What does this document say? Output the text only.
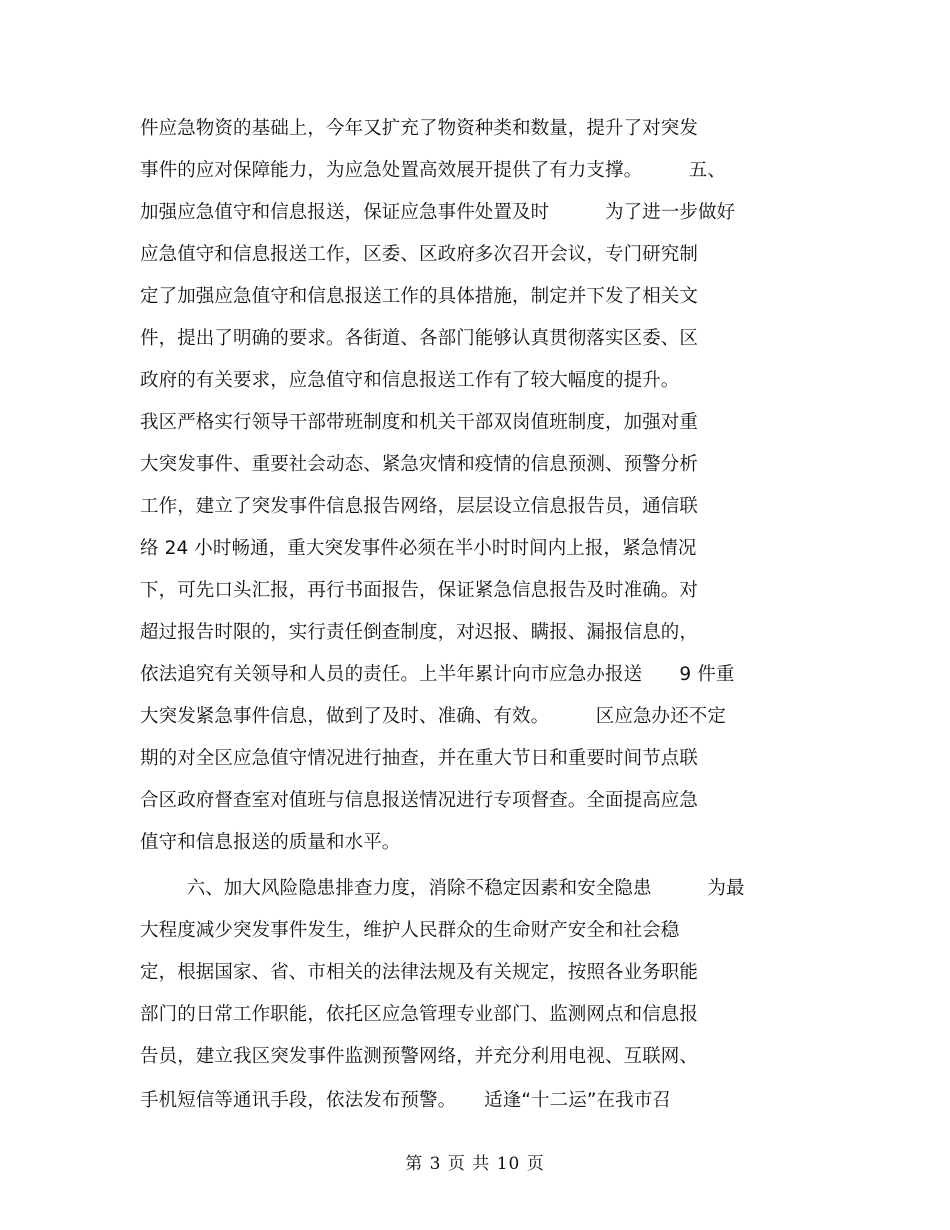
件应急物资的基础上，今年又扩充了物资种类和数量，提升了对突发
事件的应对保障能力，为应急处置高效展开提供了有力支撑。　　　五、
加强应急值守和信息报送，保证应急事件处置及时　　　为了进一步做好
应急值守和信息报送工作，区委、区政府多次召开会议，专门研究制
定了加强应急值守和信息报送工作的具体措施，制定并下发了相关文
件，提出了明确的要求。各街道、各部门能够认真贯彻落实区委、区
政府的有关要求，应急值守和信息报送工作有了较大幅度的提升。
我区严格实行领导干部带班制度和机关干部双岗值班制度，加强对重
大突发事件、重要社会动态、紧急灾情和疫情的信息预测、预警分析
工作，建立了突发事件信息报告网络，层层设立信息报告员，通信联
络 24 小时畅通，重大突发事件必须在半小时时间内上报，紧急情况
下，可先口头汇报，再行书面报告，保证紧急信息报告及时准确。对
超过报告时限的，实行责任倒查制度，对迟报、瞒报、漏报信息的，
依法追究有关领导和人员的责任。上半年累计向市应急办报送　　9 件重
大突发紧急事件信息，做到了及时、准确、有效。　　　区应急办还不定
期的对全区应急值守情况进行抽查，并在重大节日和重要时间节点联
合区政府督查室对值班与信息报送情况进行专项督查。全面提高应急
值守和信息报送的质量和水平。
　六、加大风险隐患排查力度，消除不稳定因素和安全隐患　　　为最
大程度减少突发事件发生，维护人民群众的生命财产安全和社会稳
定，根据国家、省、市相关的法律法规及有关规定，按照各业务职能
部门的日常工作职能，依托区应急管理专业部门、监测网点和信息报
告员，建立我区突发事件监测预警网络，并充分利用电视、互联网、
手机短信等通讯手段，依法发布预警。　　适逢“十二运”在我市召
第 3 页 共 10 页
